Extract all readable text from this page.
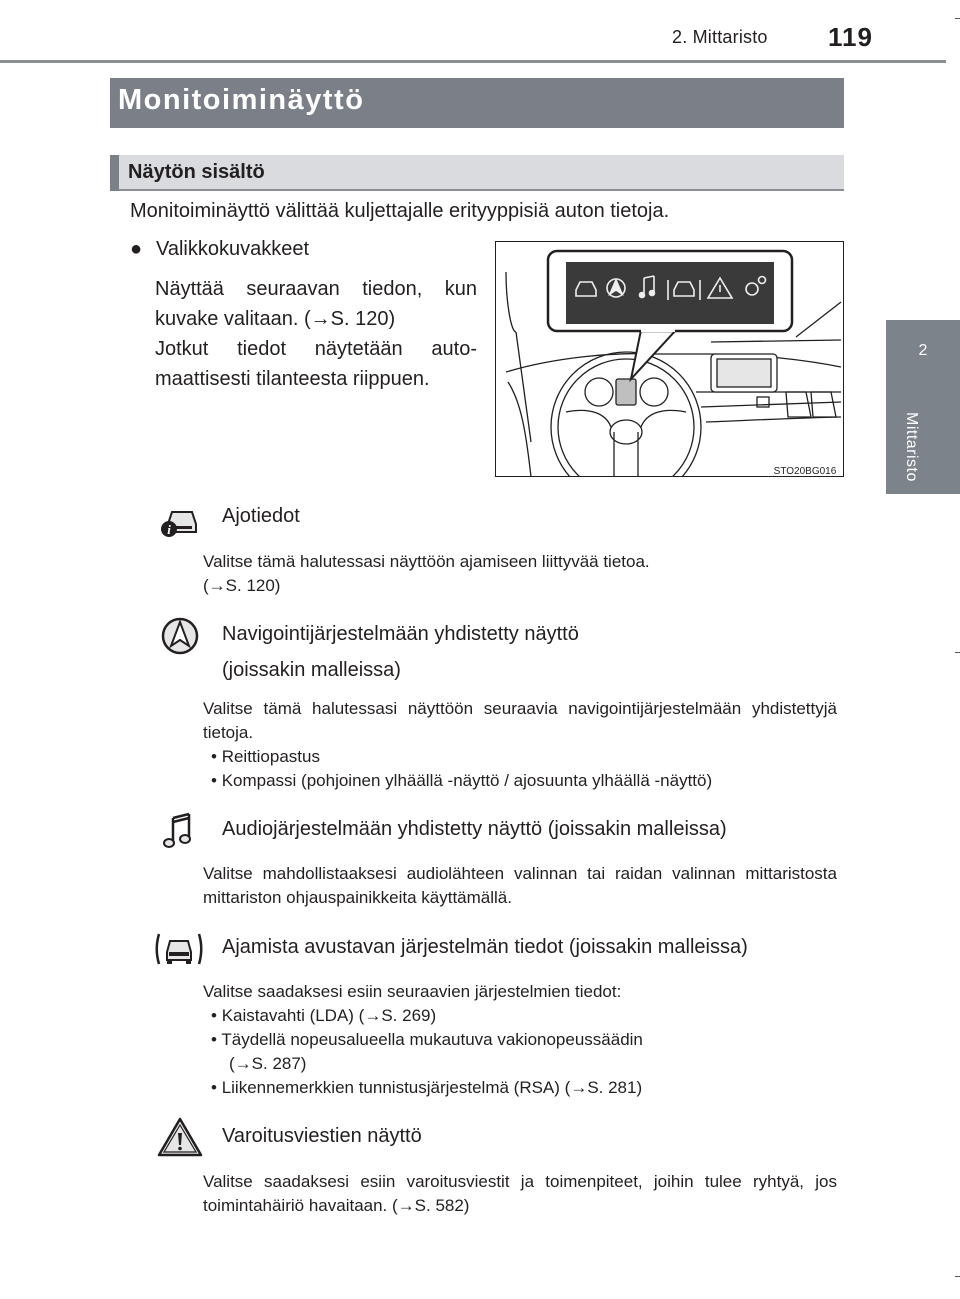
2. Mittaristo 119
2
Mittaristo
Monitoiminäyttö
Näytön sisältö
Monitoiminäyttö välittää kuljettajalle erityyppisiä auton tietoja.
● Valikkokuvakkeet
Näyttää seuraavan tiedon, kun
kuvake valitaan. (→S. 120)
Jotkut tiedot näytetään auto-
maattisesti tilanteesta riippuen.
STO20BG016
i
Ajotiedot
Valitse tämä halutessasi näyttöön ajamiseen liittyvää tietoa.
(→S. 120)
Navigointijärjestelmään yhdistetty näyttö
(joissakin malleissa)
Valitse tämä halutessasi näyttöön seuraavia navigointijärjestelmään yhdistettyjä tietoja.
• Reittiopastus
• Kompassi (pohjoinen ylhäällä -näyttö / ajosuunta ylhäällä -näyttö)
Audiojärjestelmään yhdistetty näyttö (joissakin malleissa)
Valitse mahdollistaaksesi audiolähteen valinnan tai raidan valinnan mittaristosta mittariston ohjauspainikkeita käyttämällä.
Ajamista avustavan järjestelmän tiedot (joissakin malleissa)
Valitse saadaksesi esiin seuraavien järjestelmien tiedot:
• Kaistavahti (LDA) (→S. 269)
• Täydellä nopeusalueella mukautuva vakionopeussäädin
(→S. 287)
• Liikennemerkkien tunnistusjärjestelmä (RSA) (→S. 281)
Varoitusviestien näyttö
Valitse saadaksesi esiin varoitusviestit ja toimenpiteet, joihin tulee ryhtyä, jos toimintahäiriö havaitaan. (→S. 582)
